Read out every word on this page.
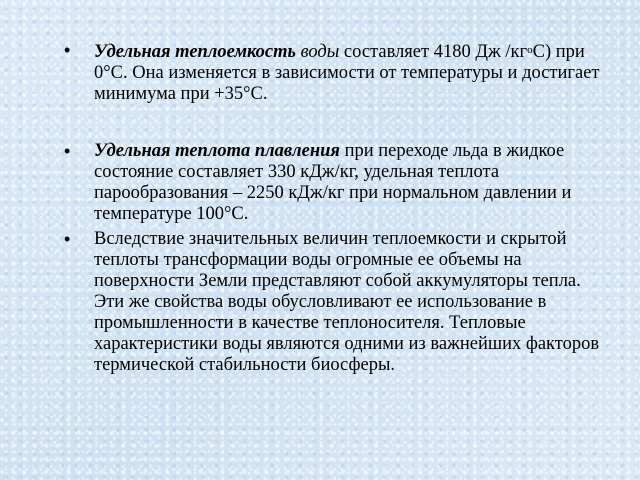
• Удельная теплоемкость воды составляет 4180 Дж $/кг^оС$) при 0°С. Она изменяется в зависимости от температуры и достигает минимума при +35°С.
• Удельная теплота плавления при переходе льда в жидкое состояние составляет 330 кДж/кг, удельная теплота парообразования – 2250 кДж/кг при нормальном давлении и температуре 100°С.
• Вследствие значительных величин теплоемкости и скрытой теплоты трансформации воды огромные ее объемы на поверхности Земли представляют собой аккумуляторы тепла. Эти же свойства воды обусловливают ее использование в промышленности в качестве теплоносителя. Тепловые характеристики воды являются одними из важнейших факторов термической стабильности биосферы.
